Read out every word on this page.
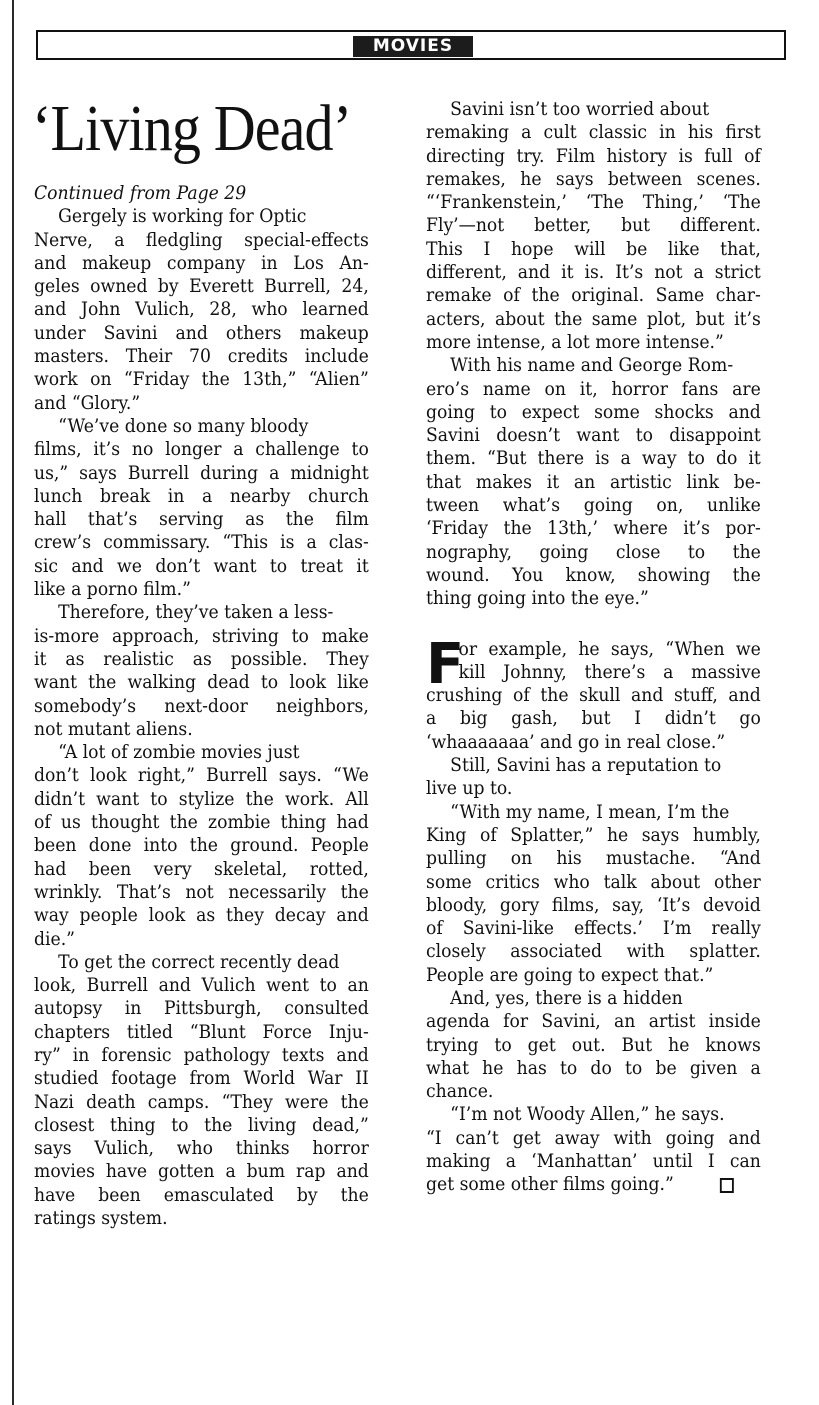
MOVIES
‘Living Dead’
Continued from Page 29
Gergely is working for Optic
Nerve, a fledgling special-effects
and makeup company in Los An-
geles owned by Everett Burrell, 24,
and John Vulich, 28, who learned
under Savini and others makeup
masters. Their 70 credits include
work on “Friday the 13th,” “Alien”
and “Glory.”
“We’ve done so many bloody
films, it’s no longer a challenge to
us,” says Burrell during a midnight
lunch break in a nearby church
hall that’s serving as the film
crew’s commissary. “This is a clas-
sic and we don’t want to treat it
like a porno film.”
Therefore, they’ve taken a less-
is-more approach, striving to make
it as realistic as possible. They
want the walking dead to look like
somebody’s next-door neighbors,
not mutant aliens.
“A lot of zombie movies just
don’t look right,” Burrell says. “We
didn’t want to stylize the work. All
of us thought the zombie thing had
been done into the ground. People
had been very skeletal, rotted,
wrinkly. That’s not necessarily the
way people look as they decay and
die.”
To get the correct recently dead
look, Burrell and Vulich went to an
autopsy in Pittsburgh, consulted
chapters titled “Blunt Force Inju-
ry” in forensic pathology texts and
studied footage from World War II
Nazi death camps. “They were the
closest thing to the living dead,”
says Vulich, who thinks horror
movies have gotten a bum rap and
have been emasculated by the
ratings system.
Savini isn’t too worried about
remaking a cult classic in his first
directing try. Film history is full of
remakes, he says between scenes.
“‘Frankenstein,’ ‘The Thing,’ ‘The
Fly’—not better, but different.
This I hope will be like that,
different, and it is. It’s not a strict
remake of the original. Same char-
acters, about the same plot, but it’s
more intense, a lot more intense.”
With his name and George Rom-
ero’s name on it, horror fans are
going to expect some shocks and
Savini doesn’t want to disappoint
them. “But there is a way to do it
that makes it an artistic link be-
tween what’s going on, unlike
‘Friday the 13th,’ where it’s por-
nography, going close to the
wound. You know, showing the
thing going into the eye.”
F
or example, he says, “When we
kill Johnny, there’s a massive
crushing of the skull and stuff, and
a big gash, but I didn’t go
‘whaaaaaaa’ and go in real close.”
Still, Savini has a reputation to
live up to.
“With my name, I mean, I’m the
King of Splatter,” he says humbly,
pulling on his mustache. “And
some critics who talk about other
bloody, gory films, say, ‘It’s devoid
of Savini-like effects.’ I’m really
closely associated with splatter.
People are going to expect that.”
And, yes, there is a hidden
agenda for Savini, an artist inside
trying to get out. But he knows
what he has to do to be given a
chance.
“I’m not Woody Allen,” he says.
“I can’t get away with going and
making a ‘Manhattan’ until I can
get some other films going.”
